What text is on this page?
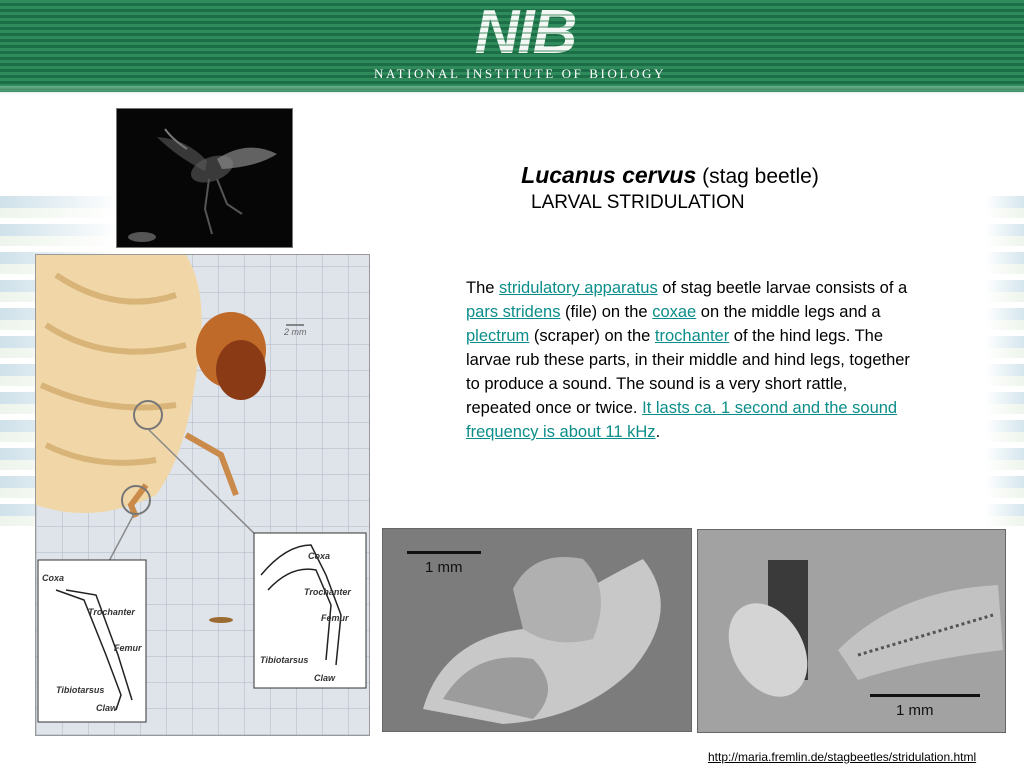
NIB
NATIONAL INSTITUTE OF BIOLOGY
2 mm
Coxa
Trochanter
Femur
Tibiotarsus
Claw
Coxa
Trochanter
Femur
Tibiotarsus
Claw
1 mm
1 mm
Lucanus cervus (stag beetle)
LARVAL STRIDULATION
The stridulatory apparatus of stag beetle larvae consists of a pars stridens (file) on the coxae on the middle legs and a plectrum (scraper) on the trochanter of the hind legs. The larvae rub these parts, in their middle and hind legs, together to produce a sound. The sound is a very short rattle, repeated once or twice. It lasts ca. 1 second and the sound frequency is about 11 kHz.
http://maria.fremlin.de/stagbeetles/stridulation.html
